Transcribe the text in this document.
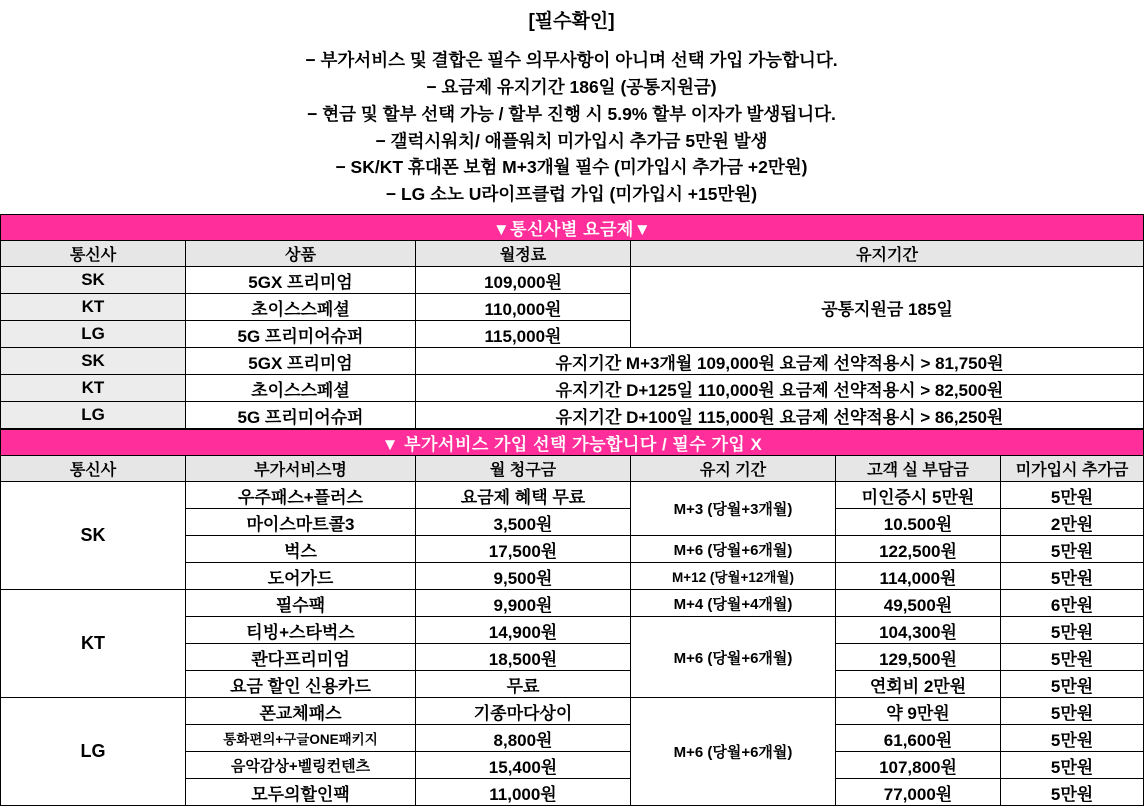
[필수확인]
− 부가서비스 및 결합은 필수 의무사항이 아니며 선택 가입 가능합니다.
− 요금제 유지기간 186일 (공통지원금)
− 현금 및 할부 선택 가능 / 할부 진행 시 5.9% 할부 이자가 발생됩니다.
− 갤럭시워치/ 애플워치 미가입시 추가금 5만원 발생
− SK/KT 휴대폰 보험 M+3개월 필수 (미가입시 추가금 +2만원)
− LG 소노 U라이프클럽 가입 (미가입시 +15만원)
▼통신사별 요금제▼			
통신사	상품	월정료	유지기간
SK	5GX 프리미엄	109,000원	공통지원금 185일
KT	초이스스페셜	110,000원	
LG	5G 프리미어슈퍼	115,000원	
SK	5GX 프리미엄	유지기간 M+3개월 109,000원 요금제 선약적용시 > 81,750원	
KT	초이스스페셜	유지기간 D+125일 110,000원 요금제 선약적용시 > 82,500원	
LG	5G 프리미어슈퍼	유지기간 D+100일 115,000원 요금제 선약적용시 > 86,250원	
▼ 부가서비스 가입 선택 가능합니다 / 필수 가입 X					
통신사	부가서비스명	월 청구금	유지 기간	고객 실 부담금	미가입시 추가금
SK	우주패스+플러스	요금제 혜택 무료	M+3 (당월+3개월)	미인증시 5만원	5만원
	마이스마트콜3	3,500원		10.500원	2만원
	벅스	17,500원	M+6 (당월+6개월)	122,500원	5만원
	도어가드	9,500원	M+12 (당월+12개월)	114,000원	5만원
KT	필수팩	9,900원	M+4 (당월+4개월)	49,500원	6만원
	티빙+스타벅스	14,900원	M+6 (당월+6개월)	104,300원	5만원
	콴다프리미엄	18,500원		129,500원	5만원
	요금 할인 신용카드	무료		연회비 2만원	5만원
LG	폰교체패스	기종마다상이	M+6 (당월+6개월)	약 9만원	5만원
	통화편의+구글ONE패키지	8,800원		61,600원	5만원
	음악감상+벨링컨텐츠	15,400원		107,800원	5만원
	모두의할인팩	11,000원		77,000원	5만원
